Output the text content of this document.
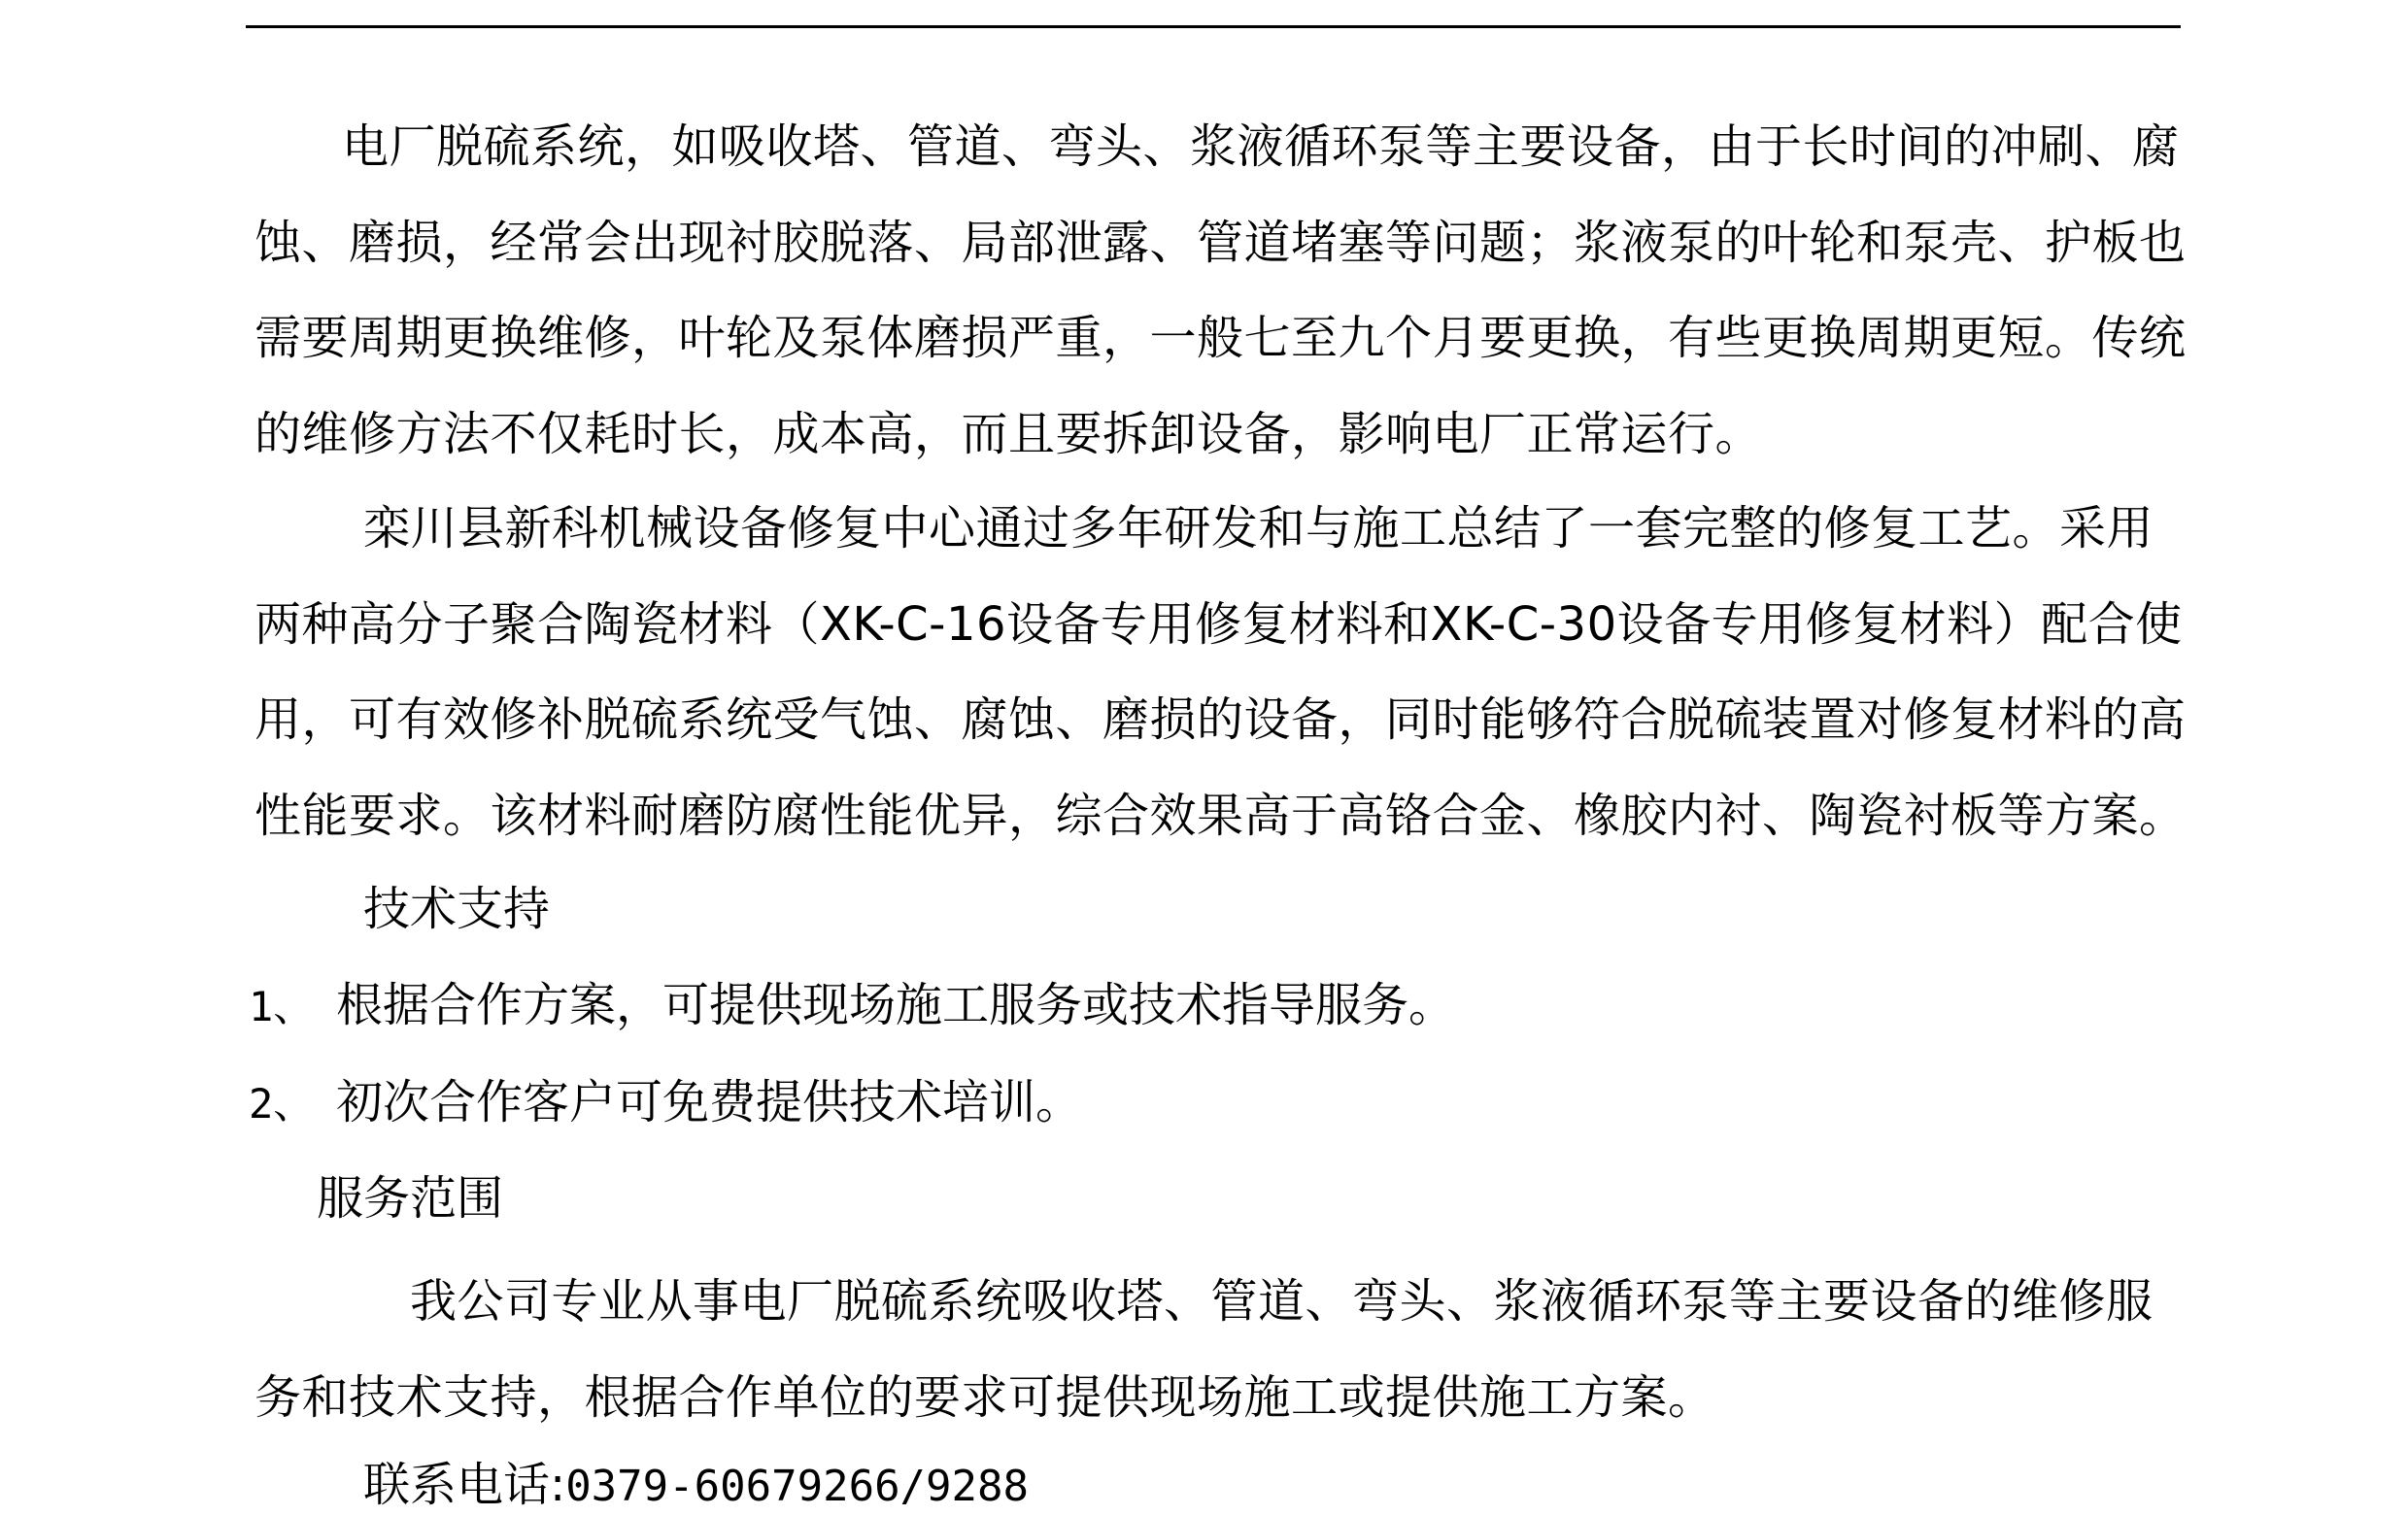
电厂脱硫系统，如吸收塔、管道、弯头、浆液循环泵等主要设备，由于长时间的冲刷、腐蚀、磨损，经常会出现衬胶脱落、局部泄露、管道堵塞等问题；浆液泵的叶轮和泵壳、护板也需要周期更换维修，叶轮及泵体磨损严重，一般七至九个月要更换，有些更换周期更短。传统的维修方法不仅耗时长，成本高，而且要拆卸设备，影响电厂正常运行。

栾川县新科机械设备修复中心通过多年研发和与施工总结了一套完整的修复工艺。采用两种高分子聚合陶瓷材料（XK-C-16设备专用修复材料和XK-C-30设备专用修复材料）配合使用，可有效修补脱硫系统受气蚀、腐蚀、磨损的设备，同时能够符合脱硫装置对修复材料的高性能要求。该材料耐磨防腐性能优异，综合效果高于高铬合金、橡胶内衬、陶瓷衬板等方案。

技术支持
1、 根据合作方案，可提供现场施工服务或技术指导服务。
2、 初次合作客户可免费提供技术培训。
服务范围

我公司专业从事电厂脱硫系统吸收塔、管道、弯头、浆液循环泵等主要设备的维修服务和技术支持，根据合作单位的要求可提供现场施工或提供施工方案。

联系电话:0379-60679266/9288
